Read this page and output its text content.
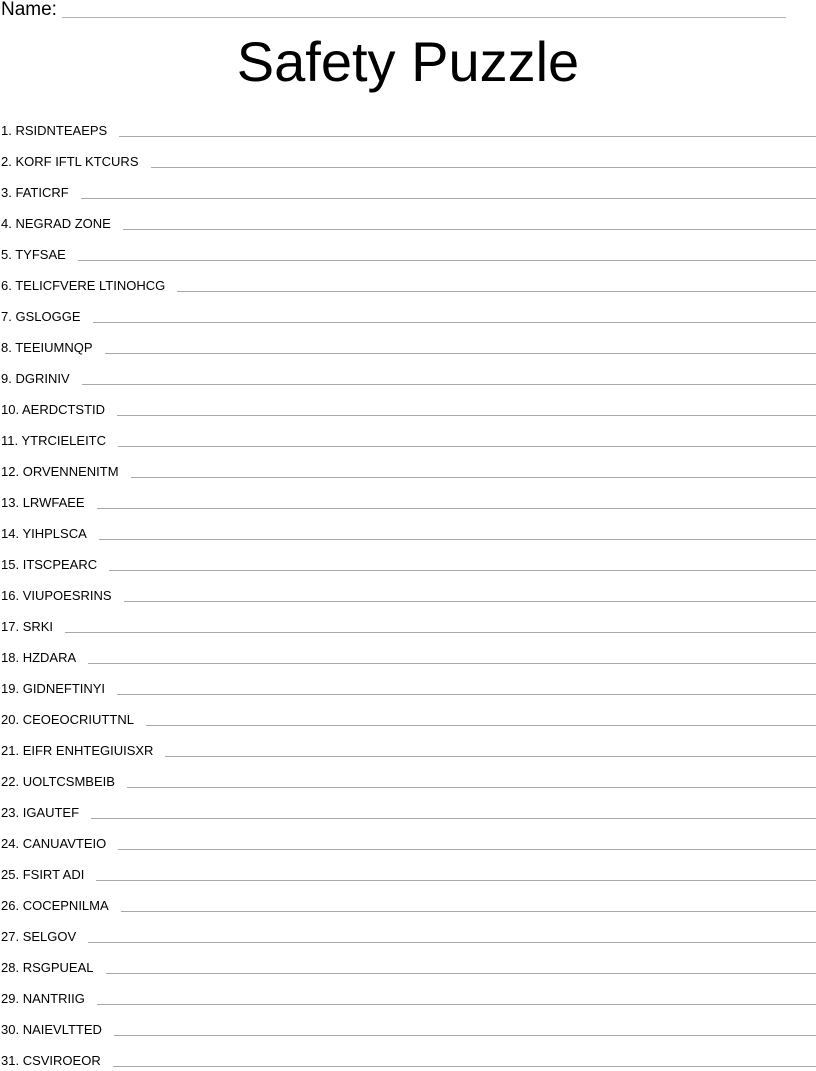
Name:
Safety Puzzle
1. RSIDNTEAEPS
2. KORF IFTL KTCURS
3. FATICRF
4. NEGRAD ZONE
5. TYFSAE
6. TELICFVERE LTINOHCG
7. GSLOGGE
8. TEEIUMNQP
9. DGRINIV
10. AERDCTSTID
11. YTRCIELEITC
12. ORVENNENITM
13. LRWFAEE
14. YIHPLSCA
15. ITSCPEARC
16. VIUPOESRINS
17. SRKI
18. HZDARA
19. GIDNEFTINYI
20. CEOEOCRIUTTNL
21. EIFR ENHTEGIUISXR
22. UOLTCSMBEIB
23. IGAUTEF
24. CANUAVTEIO
25. FSIRT ADI
26. COCEPNILMA
27. SELGOV
28. RSGPUEAL
29. NANTRIIG
30. NAIEVLTTED
31. CSVIROEOR
